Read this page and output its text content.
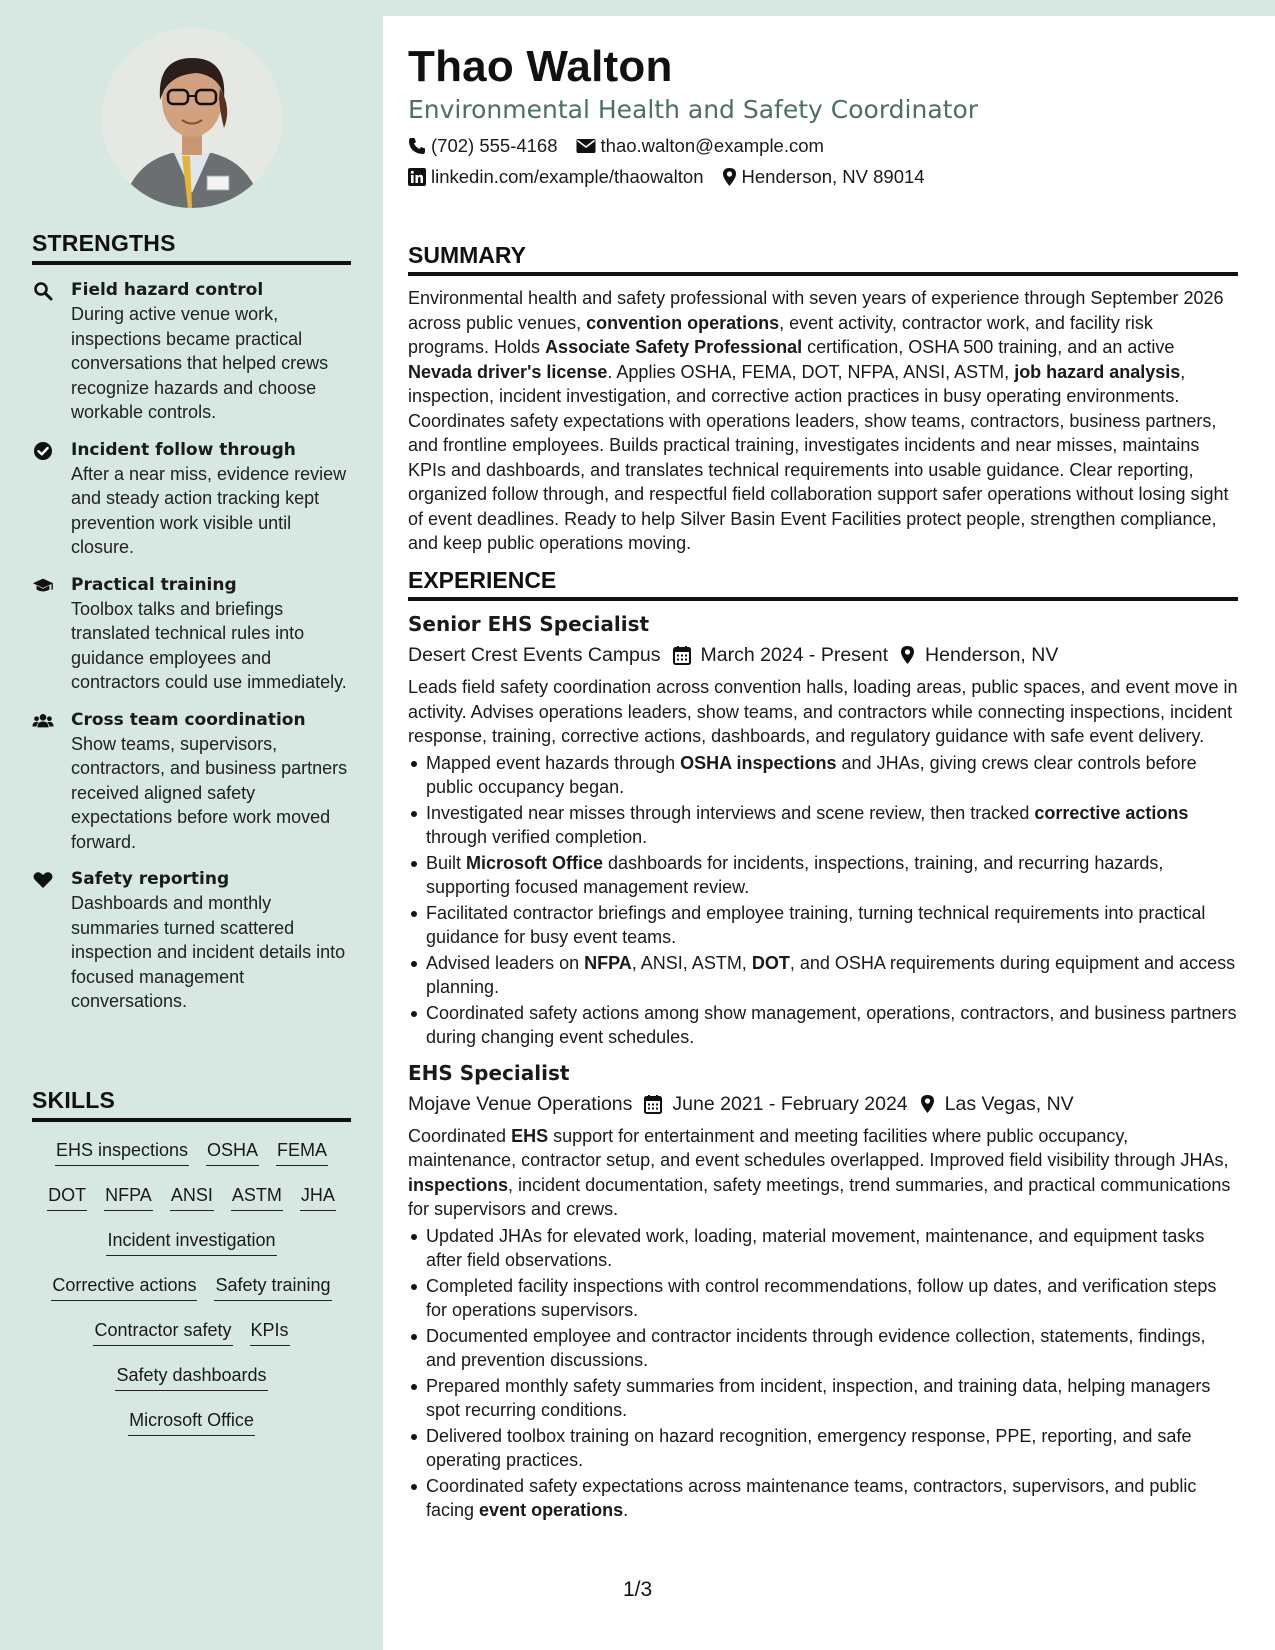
STRENGTHS
Field hazard control
During active venue work, inspections became practical conversations that helped crews recognize hazards and choose workable controls.
Incident follow through
After a near miss, evidence review and steady action tracking kept prevention work visible until closure.
Practical training
Toolbox talks and briefings translated technical rules into guidance employees and contractors could use immediately.
Cross team coordination
Show teams, supervisors, contractors, and business partners received aligned safety expectations before work moved forward.
Safety reporting
Dashboards and monthly summaries turned scattered inspection and incident details into focused management conversations.
SKILLS
EHS inspections OSHA FEMA
DOT NFPA ANSI ASTM JHA
Incident investigation
Corrective actions Safety training
Contractor safety KPIs
Safety dashboards
Microsoft Office
Thao Walton
Environmental Health and Safety Coordinator
(702) 555-4168 thao.walton@example.com
linkedin.com/example/thaowalton Henderson, NV 89014
SUMMARY

Environmental health and safety professional with seven years of experience through September 2026 across public venues, convention operations, event activity, contractor work, and facility risk programs. Holds Associate Safety Professional certification, OSHA 500 training, and an active Nevada driver's license. Applies OSHA, FEMA, DOT, NFPA, ANSI, ASTM, job hazard analysis, inspection, incident investigation, and corrective action practices in busy operating environments. Coordinates safety expectations with operations leaders, show teams, contractors, business partners, and frontline employees. Builds practical training, investigates incidents and near misses, maintains KPIs and dashboards, and translates technical requirements into usable guidance. Clear reporting, organized follow through, and respectful field collaboration support safer operations without losing sight of event deadlines. Ready to help Silver Basin Event Facilities protect people, strengthen compliance, and keep public operations moving.

EXPERIENCE
Senior EHS Specialist
Desert Crest Events Campus March 2024 - Present Henderson, NV

Leads field safety coordination across convention halls, loading areas, public spaces, and event move in activity. Advises operations leaders, show teams, and contractors while connecting inspections, incident response, training, corrective actions, dashboards, and regulatory guidance with safe event delivery.

Mapped event hazards through OSHA inspections and JHAs, giving crews clear controls before public occupancy began.
Investigated near misses through interviews and scene review, then tracked corrective actions through verified completion.
Built Microsoft Office dashboards for incidents, inspections, training, and recurring hazards, supporting focused management review.
Facilitated contractor briefings and employee training, turning technical requirements into practical guidance for busy event teams.
Advised leaders on NFPA, ANSI, ASTM, DOT, and OSHA requirements during equipment and access planning.
Coordinated safety actions among show management, operations, contractors, and business partners during changing event schedules.
EHS Specialist
Mojave Venue Operations June 2021 - February 2024 Las Vegas, NV

Coordinated EHS support for entertainment and meeting facilities where public occupancy, maintenance, contractor setup, and event schedules overlapped. Improved field visibility through JHAs, inspections, incident documentation, safety meetings, trend summaries, and practical communications for supervisors and crews.

Updated JHAs for elevated work, loading, material movement, maintenance, and equipment tasks after field observations.
Completed facility inspections with control recommendations, follow up dates, and verification steps for operations supervisors.
Documented employee and contractor incidents through evidence collection, statements, findings, and prevention discussions.
Prepared monthly safety summaries from incident, inspection, and training data, helping managers spot recurring conditions.
Delivered toolbox training on hazard recognition, emergency response, PPE, reporting, and safe operating practices.
Coordinated safety expectations across maintenance teams, contractors, supervisors, and public facing event operations.
1/3
